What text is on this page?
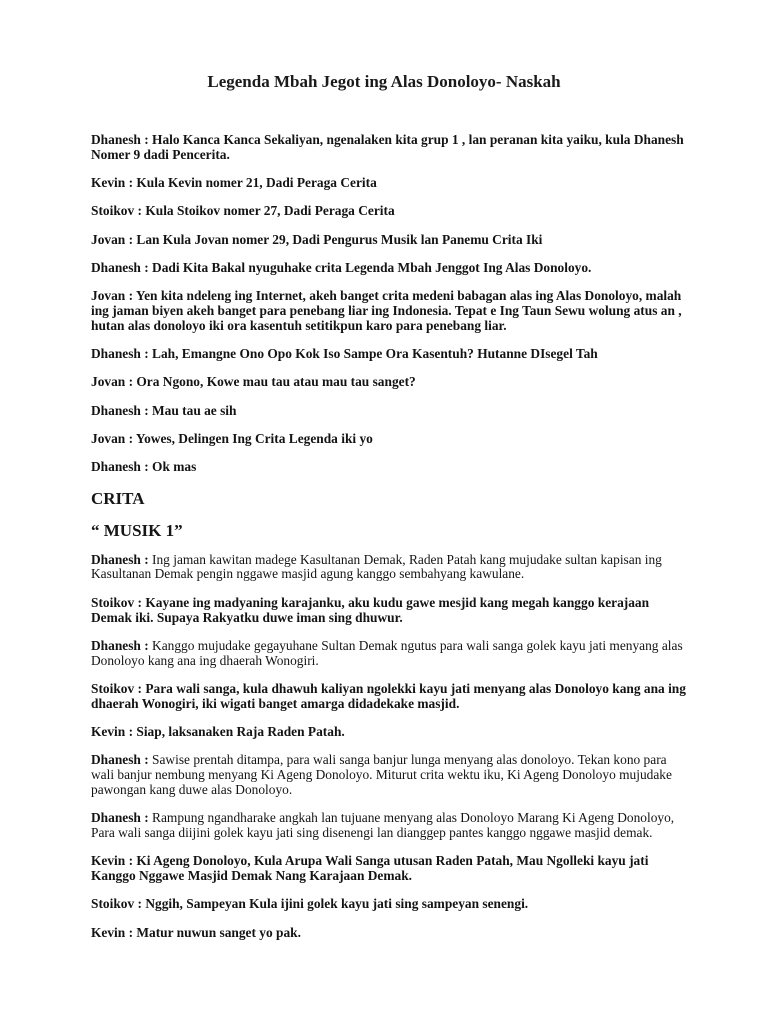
Legenda Mbah Jegot ing Alas Donoloyo- Naskah

Dhanesh : Halo Kanca Kanca Sekaliyan, ngenalaken kita grup 1 , lan peranan kita yaiku, kula Dhanesh Nomer 9 dadi Pencerita.

Kevin : Kula Kevin nomer 21, Dadi Peraga Cerita

Stoikov : Kula Stoikov nomer 27, Dadi Peraga Cerita

Jovan : Lan Kula Jovan nomer 29, Dadi Pengurus Musik lan Panemu Crita Iki

Dhanesh : Dadi Kita Bakal nyuguhake crita Legenda Mbah Jenggot Ing Alas Donoloyo.

Jovan : Yen kita ndeleng ing Internet, akeh banget crita medeni babagan alas ing Alas Donoloyo, malah ing jaman biyen akeh banget para penebang liar ing Indonesia. Tepat e Ing Taun Sewu wolung atus an , hutan alas donoloyo iki ora kasentuh setitikpun karo para penebang liar.

Dhanesh : Lah, Emangne Ono Opo Kok Iso Sampe Ora Kasentuh? Hutanne DIsegel Tah

Jovan : Ora Ngono, Kowe mau tau atau mau tau sanget?

Dhanesh : Mau tau ae sih

Jovan : Yowes, Delingen Ing Crita Legenda iki yo

Dhanesh : Ok mas

CRITA
“ MUSIK 1”

Dhanesh : Ing jaman kawitan madege Kasultanan Demak, Raden Patah kang mujudake sultan kapisan ing Kasultanan Demak pengin nggawe masjid agung kanggo sembahyang kawulane.

Stoikov : Kayane ing madyaning karajanku, aku kudu gawe mesjid kang megah kanggo kerajaan Demak iki. Supaya Rakyatku duwe iman sing dhuwur.

Dhanesh : Kanggo mujudake gegayuhane Sultan Demak ngutus para wali sanga golek kayu jati menyang alas Donoloyo kang ana ing dhaerah Wonogiri.

Stoikov : Para wali sanga, kula dhawuh kaliyan ngolekki kayu jati menyang alas Donoloyo kang ana ing dhaerah Wonogiri, iki wigati banget amarga didadekake masjid.

Kevin : Siap, laksanaken Raja Raden Patah.

Dhanesh : Sawise prentah ditampa, para wali sanga banjur lunga menyang alas donoloyo. Tekan kono para wali banjur nembung menyang Ki Ageng Donoloyo. Miturut crita wektu iku, Ki Ageng Donoloyo mujudake pawongan kang duwe alas Donoloyo.

Dhanesh : Rampung ngandharake angkah lan tujuane menyang alas Donoloyo Marang Ki Ageng Donoloyo, Para wali sanga diijini golek kayu jati sing disenengi lan dianggep pantes kanggo nggawe masjid demak.

Kevin : Ki Ageng Donoloyo, Kula Arupa Wali Sanga utusan Raden Patah, Mau Ngolleki kayu jati Kanggo Nggawe Masjid Demak Nang Karajaan Demak.

Stoikov : Nggih, Sampeyan Kula ijini golek kayu jati sing sampeyan senengi.

Kevin : Matur nuwun sanget yo pak.
